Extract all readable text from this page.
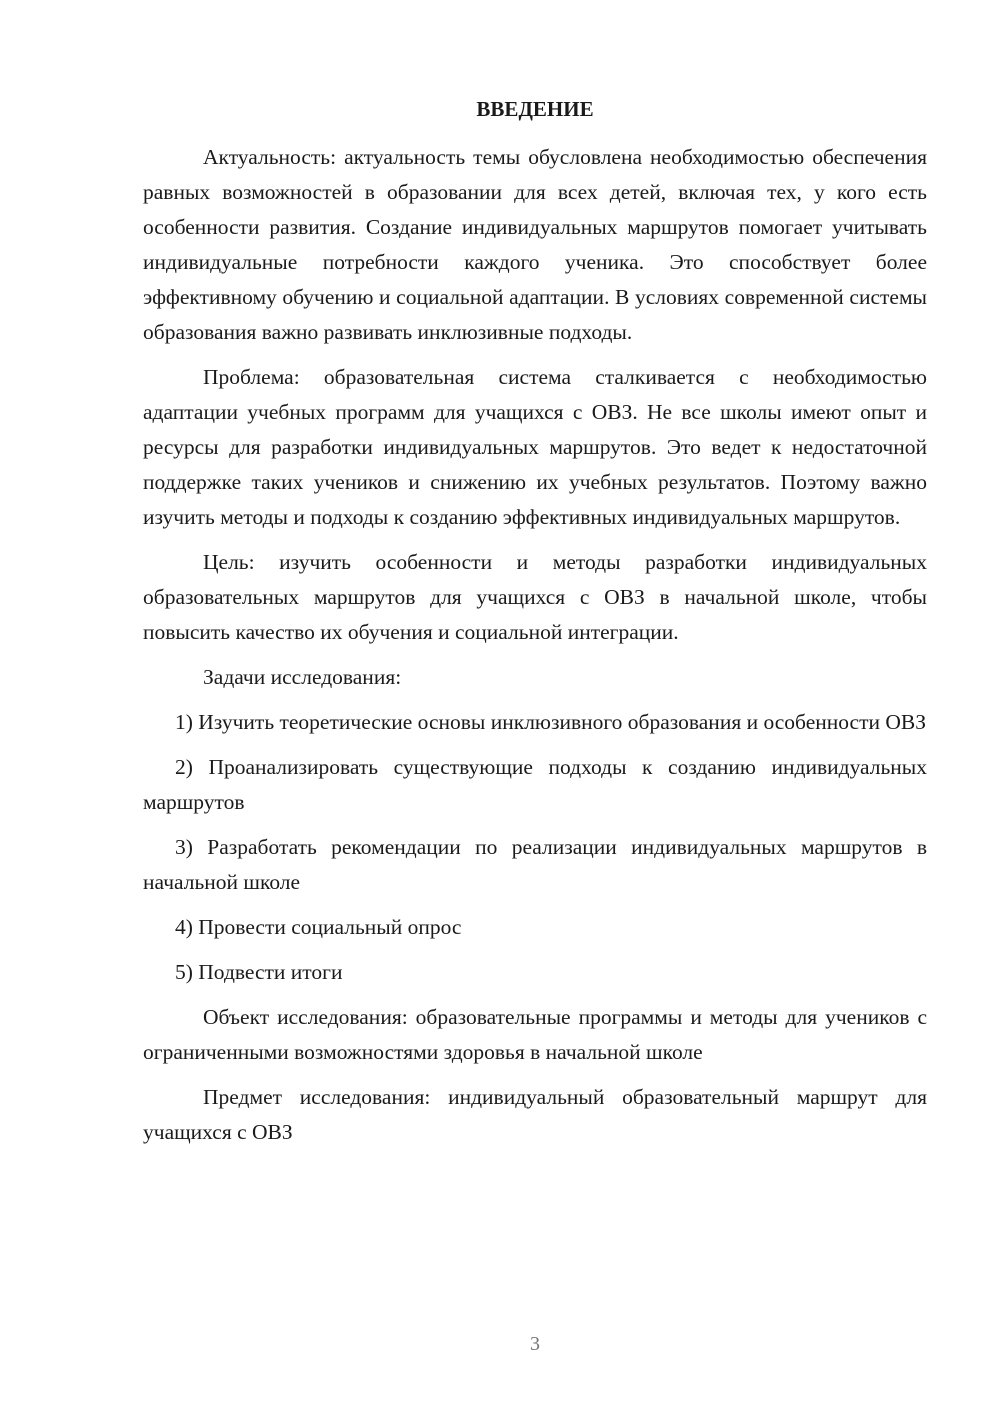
ВВЕДЕНИЕ

Актуальность: актуальность темы обусловлена необходимостью обеспечения равных возможностей в образовании для всех детей, включая тех, у кого есть особенности развития. Создание индивидуальных маршрутов помогает учитывать индивидуальные потребности каждого ученика. Это способствует более эффективному обучению и социальной адаптации. В условиях современной системы образования важно развивать инклюзивные подходы.

Проблема: образовательная система сталкивается с необходимостью адаптации учебных программ для учащихся с ОВЗ. Не все школы имеют опыт и ресурсы для разработки индивидуальных маршрутов. Это ведет к недостаточной поддержке таких учеников и снижению их учебных результатов. Поэтому важно изучить методы и подходы к созданию эффективных индивидуальных маршрутов.

Цель: изучить особенности и методы разработки индивидуальных образовательных маршрутов для учащихся с ОВЗ в начальной школе, чтобы повысить качество их обучения и социальной интеграции.

Задачи исследования:

1) Изучить теоретические основы инклюзивного образования и особенности ОВЗ

2) Проанализировать существующие подходы к созданию индивидуальных маршрутов

3) Разработать рекомендации по реализации индивидуальных маршрутов в начальной школе

4) Провести социальный опрос

5) Подвести итоги

Объект исследования: образовательные программы и методы для учеников с ограниченными возможностями здоровья в начальной школе

Предмет исследования: индивидуальный образовательный маршрут для учащихся с ОВЗ

3
